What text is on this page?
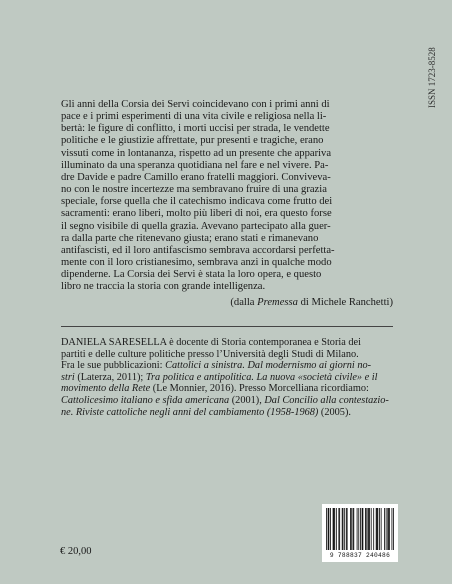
ISSN 1723-8528

Gli anni della Corsia dei Servi coincidevano con i primi anni di
pace e i primi esperimenti di una vita civile e religiosa nella li-
bertà: le figure di conflitto, i morti uccisi per strada, le vendette
politiche e le giustizie affrettate, pur presenti e tragiche, erano
vissuti come in lontananza, rispetto ad un presente che appariva
illuminato da una speranza quotidiana nel fare e nel vivere. Pa-
dre Davide e padre Camillo erano fratelli maggiori. Conviveva-
no con le nostre incertezze ma sembravano fruire di una grazia
speciale, forse quella che il catechismo indicava come frutto dei
sacramenti: erano liberi, molto più liberi di noi, era questo forse
il segno visibile di quella grazia. Avevano partecipato alla guer-
ra dalla parte che ritenevano giusta; erano stati e rimanevano
antifascisti, ed il loro antifascismo sembrava accordarsi perfetta-
mente con il loro cristianesimo, sembrava anzi in qualche modo
dipenderne. La Corsia dei Servi è stata la loro opera, e questo
libro ne traccia la storia con grande intelligenza.

(dalla Premessa di Michele Ranchetti)
DANIELA SARESELLA è docente di Storia contemporanea e Storia dei
partiti e delle culture politiche presso l’Università degli Studi di Milano.
Fra le sue pubblicazioni: Cattolici a sinistra. Dal modernismo ai giorni no-
stri (Laterza, 2011); Tra politica e antipolitica. La nuova «società civile» e il
movimento della Rete (Le Monnier, 2016). Presso Morcelliana ricordiamo:
Cattolicesimo italiano e sfida americana (2001), Dal Concilio alla contestazio-
ne. Riviste cattoliche negli anni del cambiamento (1958-1968) (2005).
€ 20,00	9 788837 240486
